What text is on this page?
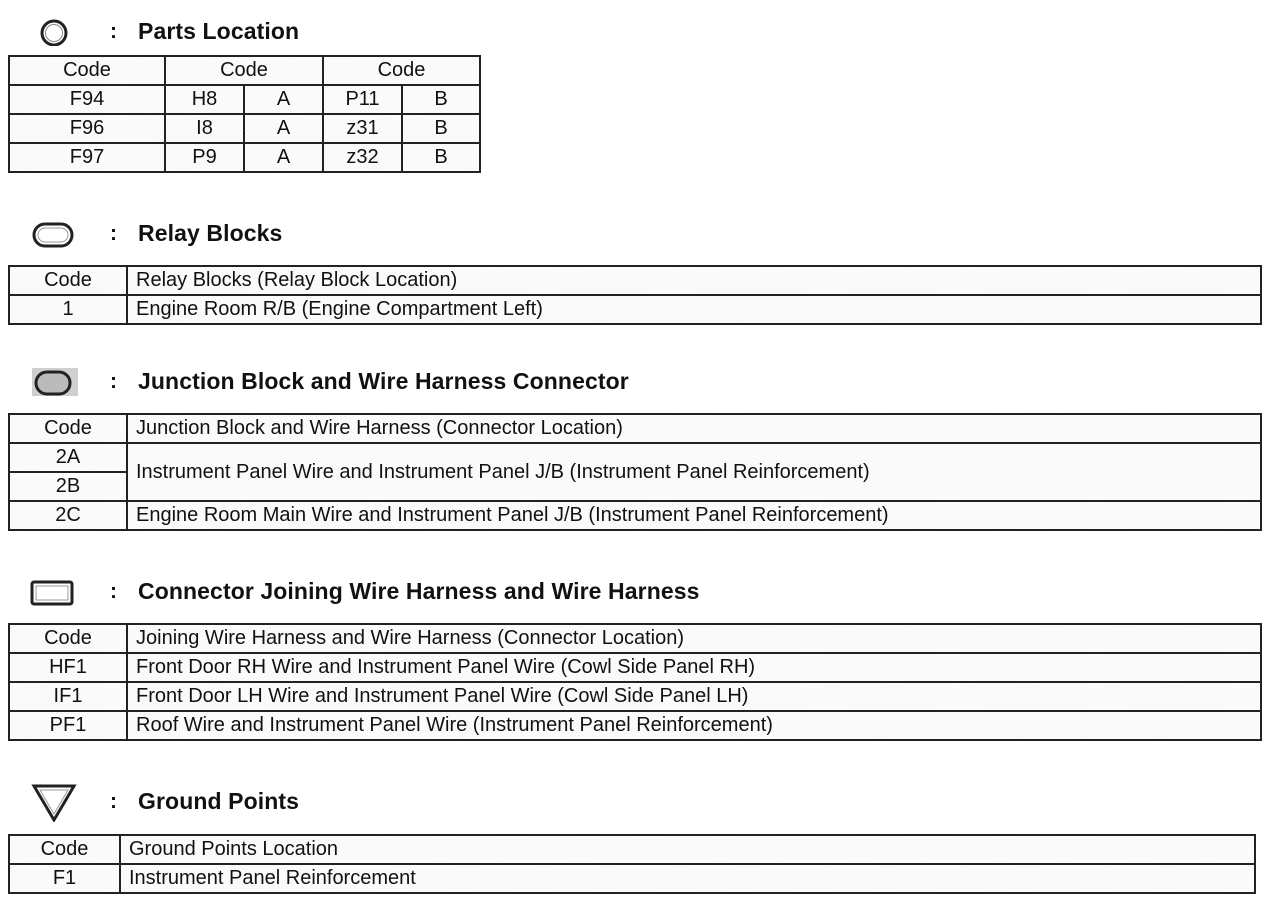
: Parts Location
Code	Code		Code	
F94	H8	A	P11	B
F96	I8	A	z31	B
F97	P9	A	z32	B
: Relay Blocks
Code	Relay Blocks (Relay Block Location)
1	Engine Room R/B (Engine Compartment Left)
: Junction Block and Wire Harness Connector
Code	Junction Block and Wire Harness (Connector Location)
2A	Instrument Panel Wire and Instrument Panel J/B (Instrument Panel Reinforcement)
2B	
2C	Engine Room Main Wire and Instrument Panel J/B (Instrument Panel Reinforcement)
: Connector Joining Wire Harness and Wire Harness
Code	Joining Wire Harness and Wire Harness (Connector Location)
HF1	Front Door RH Wire and Instrument Panel Wire (Cowl Side Panel RH)
IF1	Front Door LH Wire and Instrument Panel Wire (Cowl Side Panel LH)
PF1	Roof Wire and Instrument Panel Wire (Instrument Panel Reinforcement)
: Ground Points
Code	Ground Points Location
F1	Instrument Panel Reinforcement
